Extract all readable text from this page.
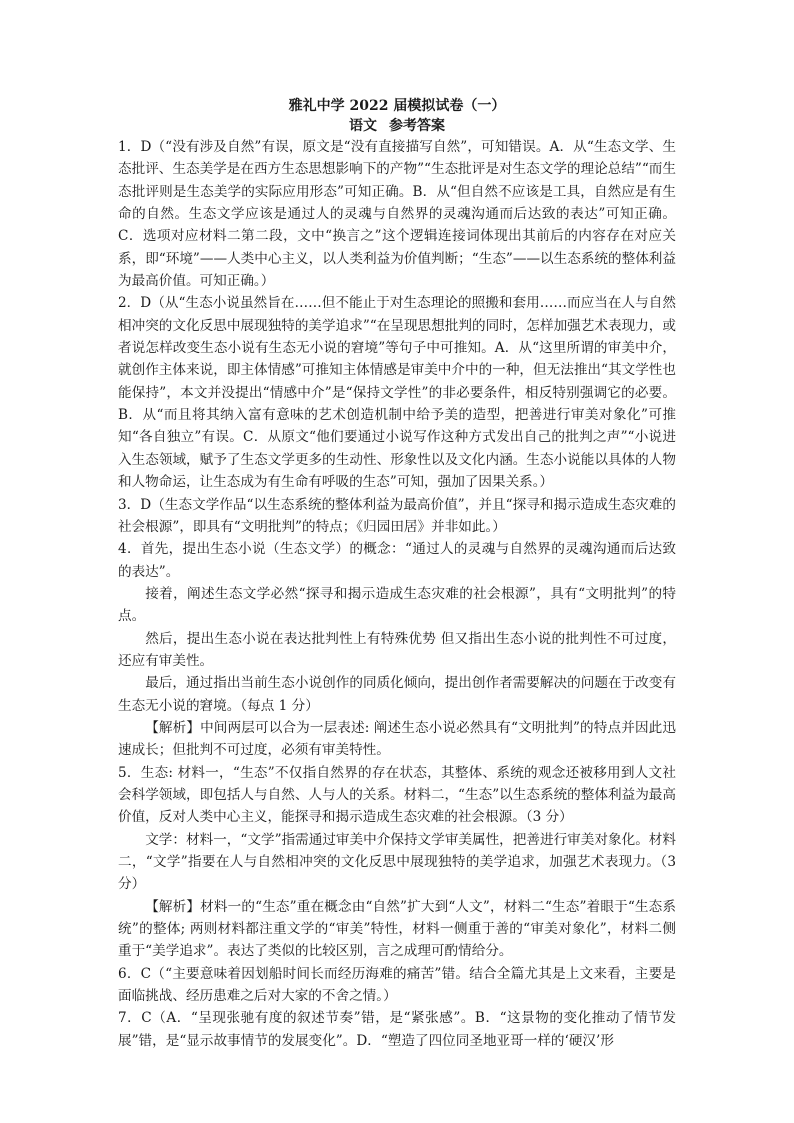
雅礼中学 2022 届模拟试卷（一）
语文 参考答案

1．D（“没有涉及自然”有误，原文是“没有直接描写自然”，可知错误。A．从“生态文学、生态批评、生态美学是在西方生态思想影响下的产物”“生态批评是对生态文学的理论总结”“而生态批评则是生态美学的实际应用形态”可知正确。B．从“但自然不应该是工具，自然应是有生命的自然。生态文学应该是通过人的灵魂与自然界的灵魂沟通而后达致的表达”可知正确。C．选项对应材料二第二段，文中“换言之”这个逻辑连接词体现出其前后的内容存在对应关系，即“环境”——人类中心主义，以人类利益为价值判断；“生态”——以生态系统的整体利益为最高价值。可知正确。）

2．D（从“生态小说虽然旨在……但不能止于对生态理论的照搬和套用……而应当在人与自然相冲突的文化反思中展现独特的美学追求”“在呈现思想批判的同时，怎样加强艺术表现力，或者说怎样改变生态小说有生态无小说的窘境”等句子中可推知。A．从“这里所谓的审美中介，就创作主体来说，即主体情感”可推知主体情感是审美中介中的一种，但无法推出“其文学性也能保持”，本文并没提出“情感中介”是“保持文学性”的非必要条件，相反特别强调它的必要。B．从“而且将其纳入富有意味的艺术创造机制中给予美的造型，把善进行审美对象化”可推知“各自独立”有误。C．从原文“他们要通过小说写作这种方式发出自己的批判之声”“小说进入生态领域，赋予了生态文学更多的生动性、形象性以及文化内涵。生态小说能以具体的人物和人物命运，让生态成为有生命有呼吸的生态”可知，强加了因果关系。）

3．D（生态文学作品“以生态系统的整体利益为最高价值”，并且“探寻和揭示造成生态灾难的社会根源”，即具有“文明批判”的特点；《归园田居》并非如此。）

4．首先，提出生态小说（生态文学）的概念：“通过人的灵魂与自然界的灵魂沟通而后达致的表达”。

接着，阐述生态文学必然“探寻和揭示造成生态灾难的社会根源”，具有“文明批判”的特点。

然后，提出生态小说在表达批判性上有特殊优势 但又指出生态小说的批判性不可过度，还应有审美性。

最后，通过指出当前生态小说创作的同质化倾向，提出创作者需要解决的问题在于改变有生态无小说的窘境。（每点 1 分）

【解析】中间两层可以合为一层表述: 阐述生态小说必然具有“文明批判”的特点并因此迅速成长；但批判不可过度，必须有审美特性。

5．生态: 材料一，“生态”不仅指自然界的存在状态，其整体、系统的观念还被移用到人文社会科学领域，即包括人与自然、人与人的关系。材料二，“生态”以生态系统的整体利益为最高价值，反对人类中心主义，能探寻和揭示造成生态灾难的社会根源。（3 分）

文学：材料一，“文学”指需通过审美中介保持文学审美属性，把善进行审美对象化。材料二，“文学”指要在人与自然相冲突的文化反思中展现独特的美学追求，加强艺术表现力。（3 分）

【解析】材料一的“生态”重在概念由“自然”扩大到“人文”，材料二“生态”着眼于“生态系统”的整体; 两则材料都注重文学的“审美”特性，材料一侧重于善的“审美对象化”，材料二侧重于“美学追求”。表达了类似的比较区别，言之成理可酌情给分。

6．C（“主要意味着因划船时间长而经历海难的痛苦”错。结合全篇尤其是上文来看，主要是面临挑战、经历患难之后对大家的不舍之情。）

7．C（A．“呈现张驰有度的叙述节奏”错，是“紧张感”。B．“这景物的变化推动了情节发展”错，是“显示故事情节的发展变化”。D．“塑造了四位同圣地亚哥一样的‘硬汉’形
